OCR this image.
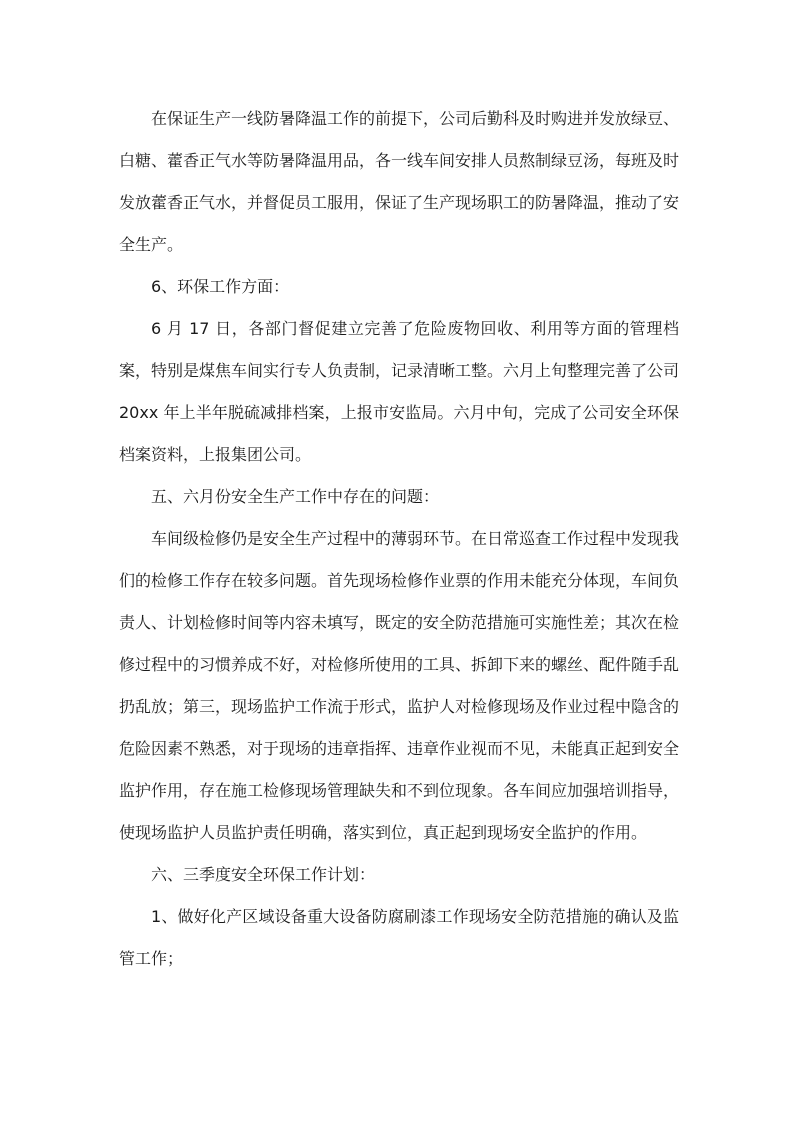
在保证生产一线防暑降温工作的前提下，公司后勤科及时购进并发放绿豆、白糖、藿香正气水等防暑降温用品，各一线车间安排人员熬制绿豆汤，每班及时发放藿香正气水，并督促员工服用，保证了生产现场职工的防暑降温，推动了安全生产。

6、环保工作方面：

6 月 17 日，各部门督促建立完善了危险废物回收、利用等方面的管理档案，特别是煤焦车间实行专人负责制，记录清晰工整。六月上旬整理完善了公司 20xx 年上半年脱硫减排档案，上报市安监局。六月中旬，完成了公司安全环保档案资料，上报集团公司。

五、六月份安全生产工作中存在的问题：

车间级检修仍是安全生产过程中的薄弱环节。在日常巡查工作过程中发现我们的检修工作存在较多问题。首先现场检修作业票的作用未能充分体现，车间负责人、计划检修时间等内容未填写，既定的安全防范措施可实施性差；其次在检修过程中的习惯养成不好，对检修所使用的工具、拆卸下来的螺丝、配件随手乱扔乱放；第三，现场监护工作流于形式，监护人对检修现场及作业过程中隐含的危险因素不熟悉，对于现场的违章指挥、违章作业视而不见，未能真正起到安全监护作用，存在施工检修现场管理缺失和不到位现象。各车间应加强培训指导，使现场监护人员监护责任明确，落实到位，真正起到现场安全监护的作用。

六、三季度安全环保工作计划：

1、做好化产区域设备重大设备防腐刷漆工作现场安全防范措施的确认及监管工作；
